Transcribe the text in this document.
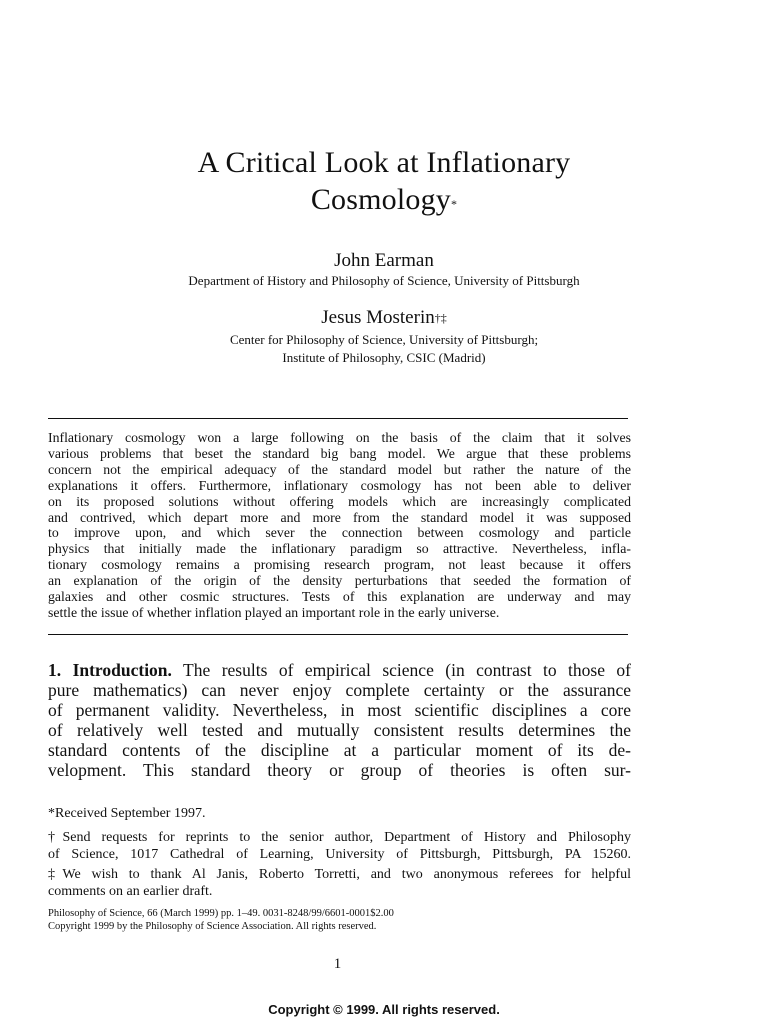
A Critical Look at Inflationary
Cosmology*
John Earman
Department of History and Philosophy of Science, University of Pittsburgh
Jesus Mosterin†‡
Center for Philosophy of Science, University of Pittsburgh;
Institute of Philosophy, CSIC (Madrid)
Inflationary cosmology won a large following on the basis of the claim that it solves
various problems that beset the standard big bang model. We argue that these problems
concern not the empirical adequacy of the standard model but rather the nature of the
explanations it offers. Furthermore, inflationary cosmology has not been able to deliver
on its proposed solutions without offering models which are increasingly complicated
and contrived, which depart more and more from the standard model it was supposed
to improve upon, and which sever the connection between cosmology and particle
physics that initially made the inflationary paradigm so attractive. Nevertheless, infla-
tionary cosmology remains a promising research program, not least because it offers
an explanation of the origin of the density perturbations that seeded the formation of
galaxies and other cosmic structures. Tests of this explanation are underway and may
settle the issue of whether inflation played an important role in the early universe.
1. Introduction. The results of empirical science (in contrast to those of
pure mathematics) can never enjoy complete certainty or the assurance
of permanent validity. Nevertheless, in most scientific disciplines a core
of relatively well tested and mutually consistent results determines the
standard contents of the discipline at a particular moment of its de-
velopment. This standard theory or group of theories is often sur-
*Received September 1997.
†Send requests for reprints to the senior author, Department of History and Philosophy
of Science, 1017 Cathedral of Learning, University of Pittsburgh, Pittsburgh, PA 15260.
‡We wish to thank Al Janis, Roberto Torretti, and two anonymous referees for helpful
comments on an earlier draft.
Philosophy of Science, 66 (March 1999) pp. 1–49. 0031-8248/99/6601-0001$2.00
Copyright 1999 by the Philosophy of Science Association. All rights reserved.
1
Copyright © 1999. All rights reserved.
